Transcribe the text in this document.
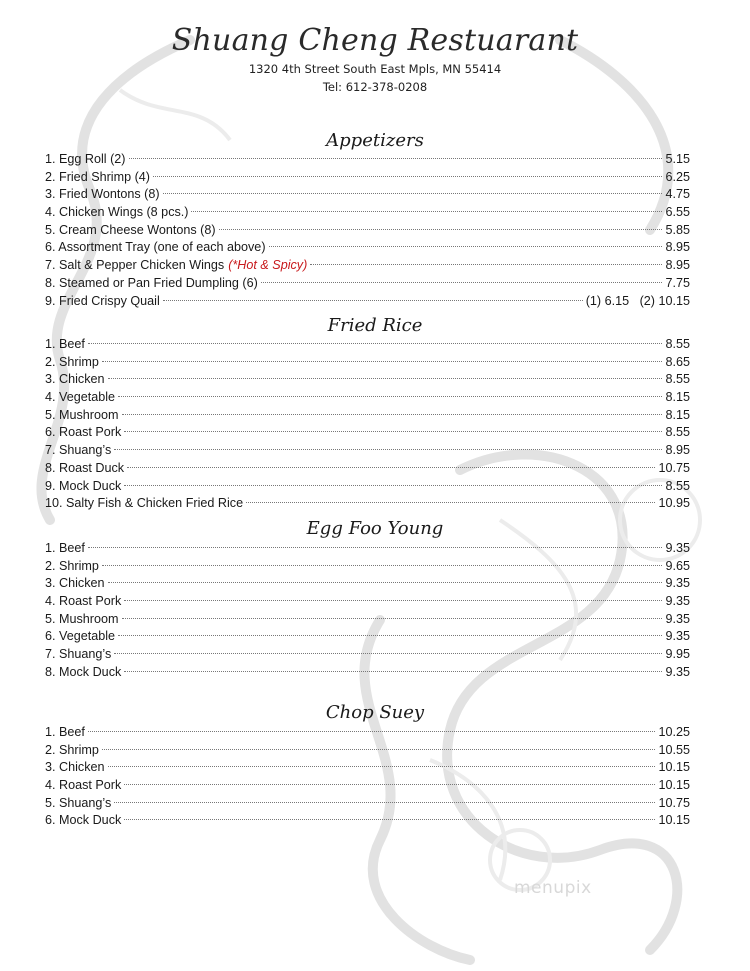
Shuang Cheng Restuarant
1320 4th Street South East Mpls, MN 55414
Tel: 612-378-0208
Appetizers
1. Egg Roll (2)	5.15
2. Fried Shrimp (4)	6.25
3. Fried Wontons (8)	4.75
4. Chicken Wings (8 pcs.)	6.55
5. Cream Cheese Wontons (8)	5.85
6. Assortment Tray (one of each above)	8.95
7. Salt & Pepper Chicken Wings (*Hot & Spicy)	8.95
8. Steamed or Pan Fried Dumpling (6)	7.75
9. Fried Crispy Quail	(1) 6.15   (2) 10.15
Fried Rice
1. Beef	8.55
2. Shrimp	8.65
3. Chicken	8.55
4. Vegetable	8.15
5. Mushroom	8.15
6. Roast Pork	8.55
7. Shuang’s	8.95
8. Roast Duck	10.75
9. Mock Duck	8.55
10. Salty Fish & Chicken Fried Rice	10.95
Egg Foo Young
1. Beef	9.35
2. Shrimp	9.65
3. Chicken	9.35
4. Roast Pork	9.35
5. Mushroom	9.35
6. Vegetable	9.35
7. Shuang’s	9.95
8. Mock Duck	9.35
Chop Suey
1. Beef	10.25
2. Shrimp	10.55
3. Chicken	10.15
4. Roast Pork	10.15
5. Shuang’s	10.75
6. Mock Duck	10.15
menupix
